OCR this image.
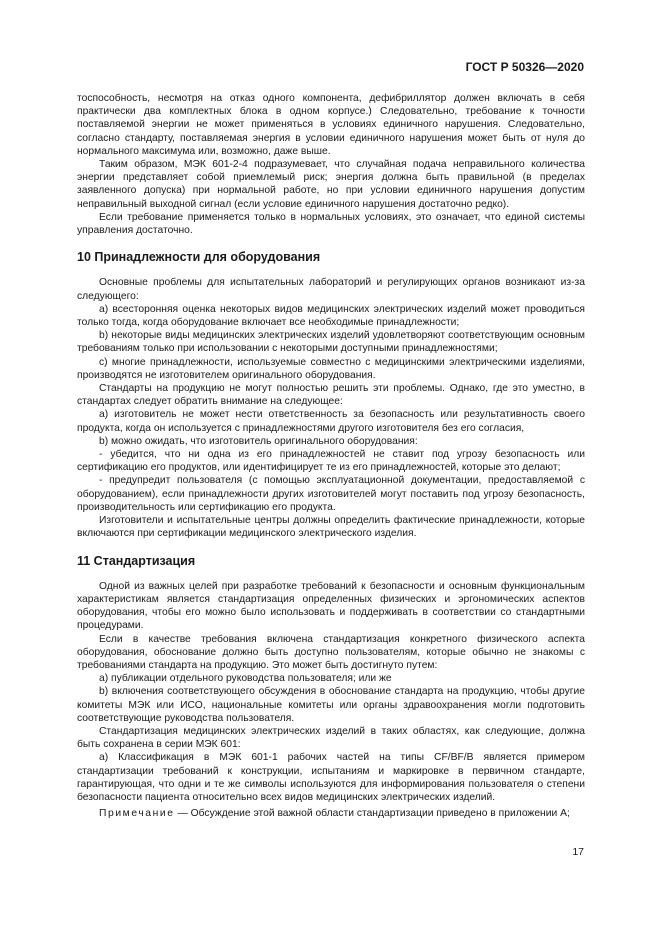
ГОСТ Р 50326—2020

тоспособность, несмотря на отказ одного компонента, дефибриллятор должен включать в себя практически два комплектных блока в одном корпусе.) Следовательно, требование к точности поставляемой энергии не может применяться в условиях единичного нарушения. Следовательно, согласно стандарту, поставляемая энергия в условии единичного нарушения может быть от нуля до нормального максимума или, возможно, даже выше.

Таким образом, МЭК 601-2-4 подразумевает, что случайная подача неправильного количества энергии представляет собой приемлемый риск; энергия должна быть правильной (в пределах заявленного допуска) при нормальной работе, но при условии единичного нарушения допустим неправильный выходной сигнал (если условие единичного нарушения достаточно редко).

Если требование применяется только в нормальных условиях, это означает, что единой системы управления достаточно.

10 Принадлежности для оборудования

Основные проблемы для испытательных лабораторий и регулирующих органов возникают из-за следующего:

a) всесторонняя оценка некоторых видов медицинских электрических изделий может проводиться только тогда, когда оборудование включает все необходимые принадлежности;

b) некоторые виды медицинских электрических изделий удовлетворяют соответствующим основным требованиям только при использовании с некоторыми доступными принадлежностями;

c) многие принадлежности, используемые совместно с медицинскими электрическими изделиями, производятся не изготовителем оригинального оборудования.

Стандарты на продукцию не могут полностью решить эти проблемы. Однако, где это уместно, в стандартах следует обратить внимание на следующее:

a) изготовитель не может нести ответственность за безопасность или результативность своего продукта, когда он используется с принадлежностями другого изготовителя без его согласия,

b) можно ожидать, что изготовитель оригинального оборудования:

- убедится, что ни одна из его принадлежностей не ставит под угрозу безопасность или сертификацию его продуктов, или идентифицирует те из его принадлежностей, которые это делают;

- предупредит пользователя (с помощью эксплуатационной документации, предоставляемой с оборудованием), если принадлежности других изготовителей могут поставить под угрозу безопасность, производительность или сертификацию его продукта.

Изготовители и испытательные центры должны определить фактические принадлежности, которые включаются при сертификации медицинского электрического изделия.

11 Стандартизация

Одной из важных целей при разработке требований к безопасности и основным функциональным характеристикам является стандартизация определенных физических и эргономических аспектов оборудования, чтобы его можно было использовать и поддерживать в соответствии со стандартными процедурами.

Если в качестве требования включена стандартизация конкретного физического аспекта оборудования, обоснование должно быть доступно пользователям, которые обычно не знакомы с требованиями стандарта на продукцию. Это может быть достигнуто путем:

a) публикации отдельного руководства пользователя; или же

b) включения соответствующего обсуждения в обоснование стандарта на продукцию, чтобы другие комитеты МЭК или ИСО, национальные комитеты или органы здравоохранения могли подготовить соответствующие руководства пользователя.

Стандартизация медицинских электрических изделий в таких областях, как следующие, должна быть сохранена в серии МЭК 601:

a) Классификация в МЭК 601-1 рабочих частей на типы CF/BF/B является примером стандартизации требований к конструкции, испытаниям и маркировке в первичном стандарте, гарантирующая, что одни и те же символы используются для информирования пользователя о степени безопасности пациента относительно всех видов медицинских электрических изделий.

Примечание — Обсуждение этой важной области стандартизации приведено в приложении А;

17
